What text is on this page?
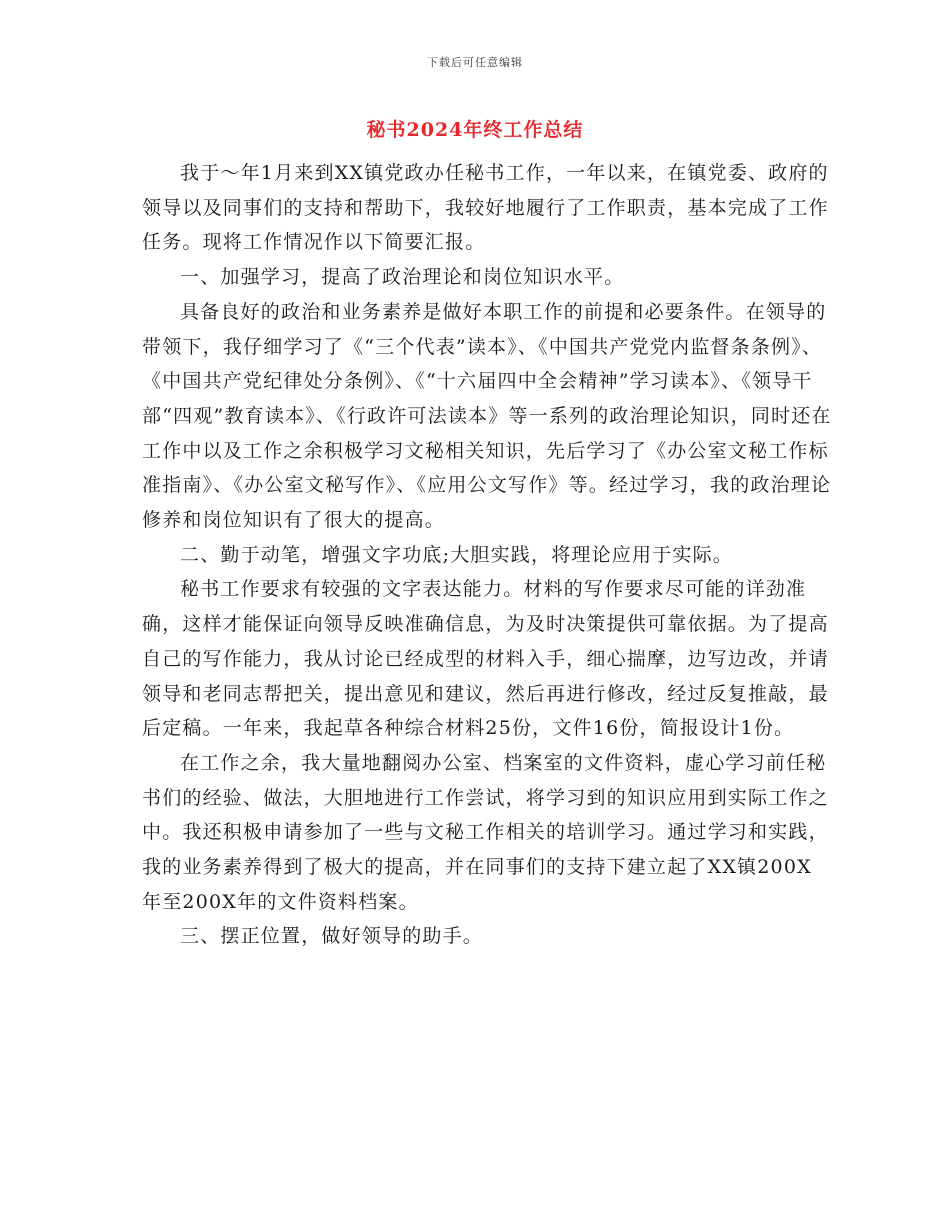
下载后可任意编辑
秘书2024年终工作总结

我于～年1月来到XX镇党政办任秘书工作，一年以来，在镇党委、政府的领导以及同事们的支持和帮助下，我较好地履行了工作职责，基本完成了工作任务。现将工作情况作以下简要汇报。

一、加强学习，提高了政治理论和岗位知识水平。

具备良好的政治和业务素养是做好本职工作的前提和必要条件。在领导的带领下，我仔细学习了《“三个代表”读本》、《中国共产党党内监督条条例》、《中国共产党纪律处分条例》、《“十六届四中全会精神”学习读本》、《领导干部“四观”教育读本》、《行政许可法读本》等一系列的政治理论知识，同时还在工作中以及工作之余积极学习文秘相关知识，先后学习了《办公室文秘工作标准指南》、《办公室文秘写作》、《应用公文写作》等。经过学习，我的政治理论修养和岗位知识有了很大的提高。

二、勤于动笔，增强文字功底;大胆实践，将理论应用于实际。

秘书工作要求有较强的文字表达能力。材料的写作要求尽可能的详劲准确，这样才能保证向领导反映准确信息，为及时决策提供可靠依据。为了提高自己的写作能力，我从讨论已经成型的材料入手，细心揣摩，边写边改，并请领导和老同志帮把关，提出意见和建议，然后再进行修改，经过反复推敲，最后定稿。一年来，我起草各种综合材料25份，文件16份，简报设计1份。

在工作之余，我大量地翻阅办公室、档案室的文件资料，虚心学习前任秘书们的经验、做法，大胆地进行工作尝试，将学习到的知识应用到实际工作之中。我还积极申请参加了一些与文秘工作相关的培训学习。通过学习和实践，我的业务素养得到了极大的提高，并在同事们的支持下建立起了XX镇200X年至200X年的文件资料档案。

三、摆正位置，做好领导的助手。
